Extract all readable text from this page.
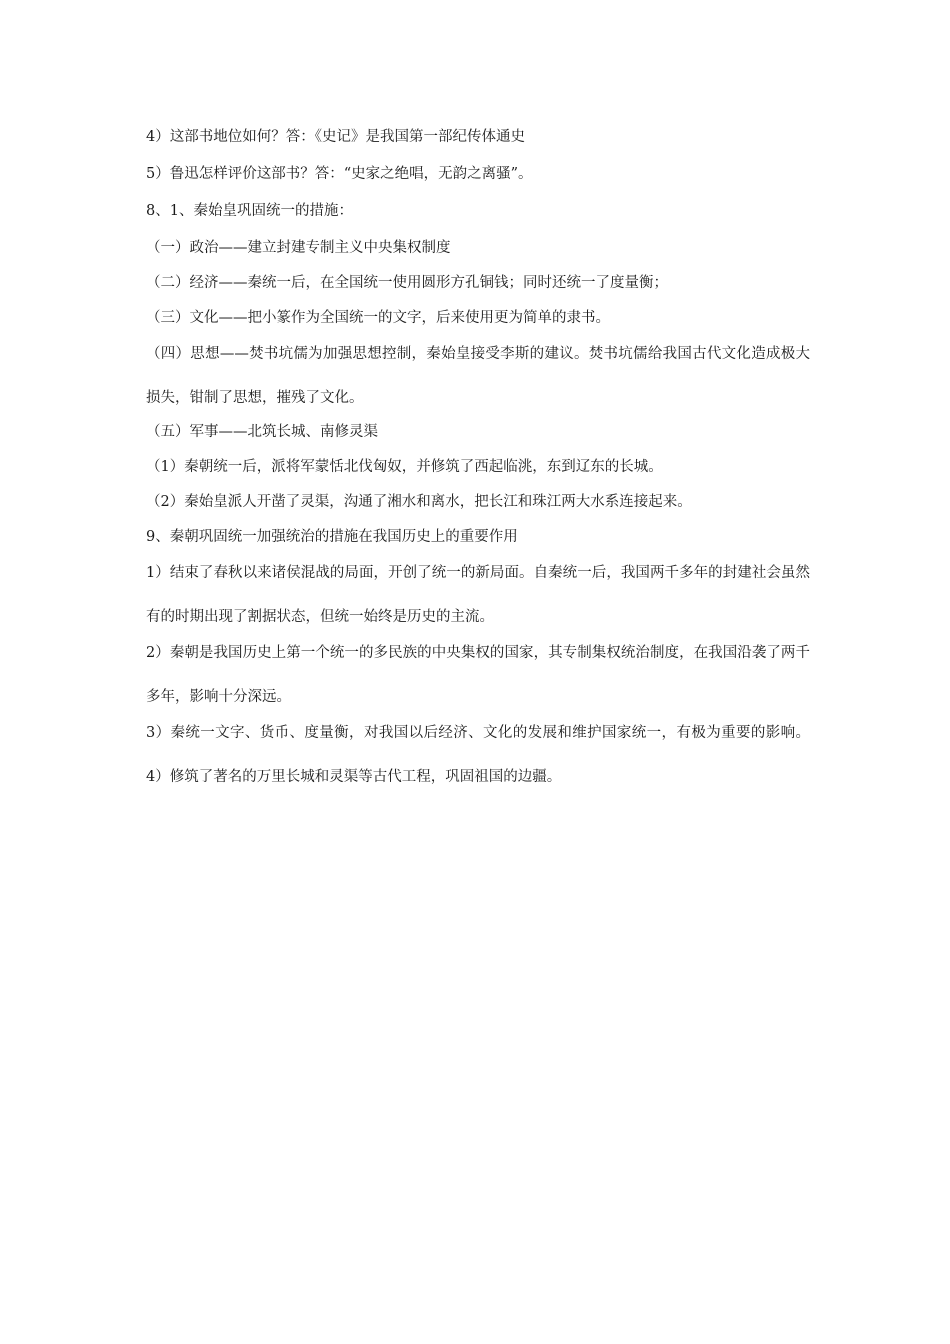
4）这部书地位如何？答：《史记》是我国第一部纪传体通史
5）鲁迅怎样评价这部书？答：“史家之绝唱，无韵之离骚”。
8、1、秦始皇巩固统一的措施：
（一）政治——建立封建专制主义中央集权制度
（二）经济——秦统一后，在全国统一使用圆形方孔铜钱；同时还统一了度量衡；
（三）文化——把小篆作为全国统一的文字，后来使用更为简单的隶书。
（四）思想——焚书坑儒为加强思想控制，秦始皇接受李斯的建议。焚书坑儒给我国古代文化造成极大损失，钳制了思想，摧残了文化。
（五）军事——北筑长城、南修灵渠
（1）秦朝统一后，派将军蒙恬北伐匈奴，并修筑了西起临洮，东到辽东的长城。
（2）秦始皇派人开凿了灵渠，沟通了湘水和离水，把长江和珠江两大水系连接起来。
9、秦朝巩固统一加强统治的措施在我国历史上的重要作用
1）结束了春秋以来诸侯混战的局面，开创了统一的新局面。自秦统一后，我国两千多年的封建社会虽然有的时期出现了割据状态，但统一始终是历史的主流。
2）秦朝是我国历史上第一个统一的多民族的中央集权的国家，其专制集权统治制度，在我国沿袭了两千多年，影响十分深远。
3）秦统一文字、货币、度量衡，对我国以后经济、文化的发展和维护国家统一，有极为重要的影响。 4）修筑了著名的万里长城和灵渠等古代工程，巩固祖国的边疆。
